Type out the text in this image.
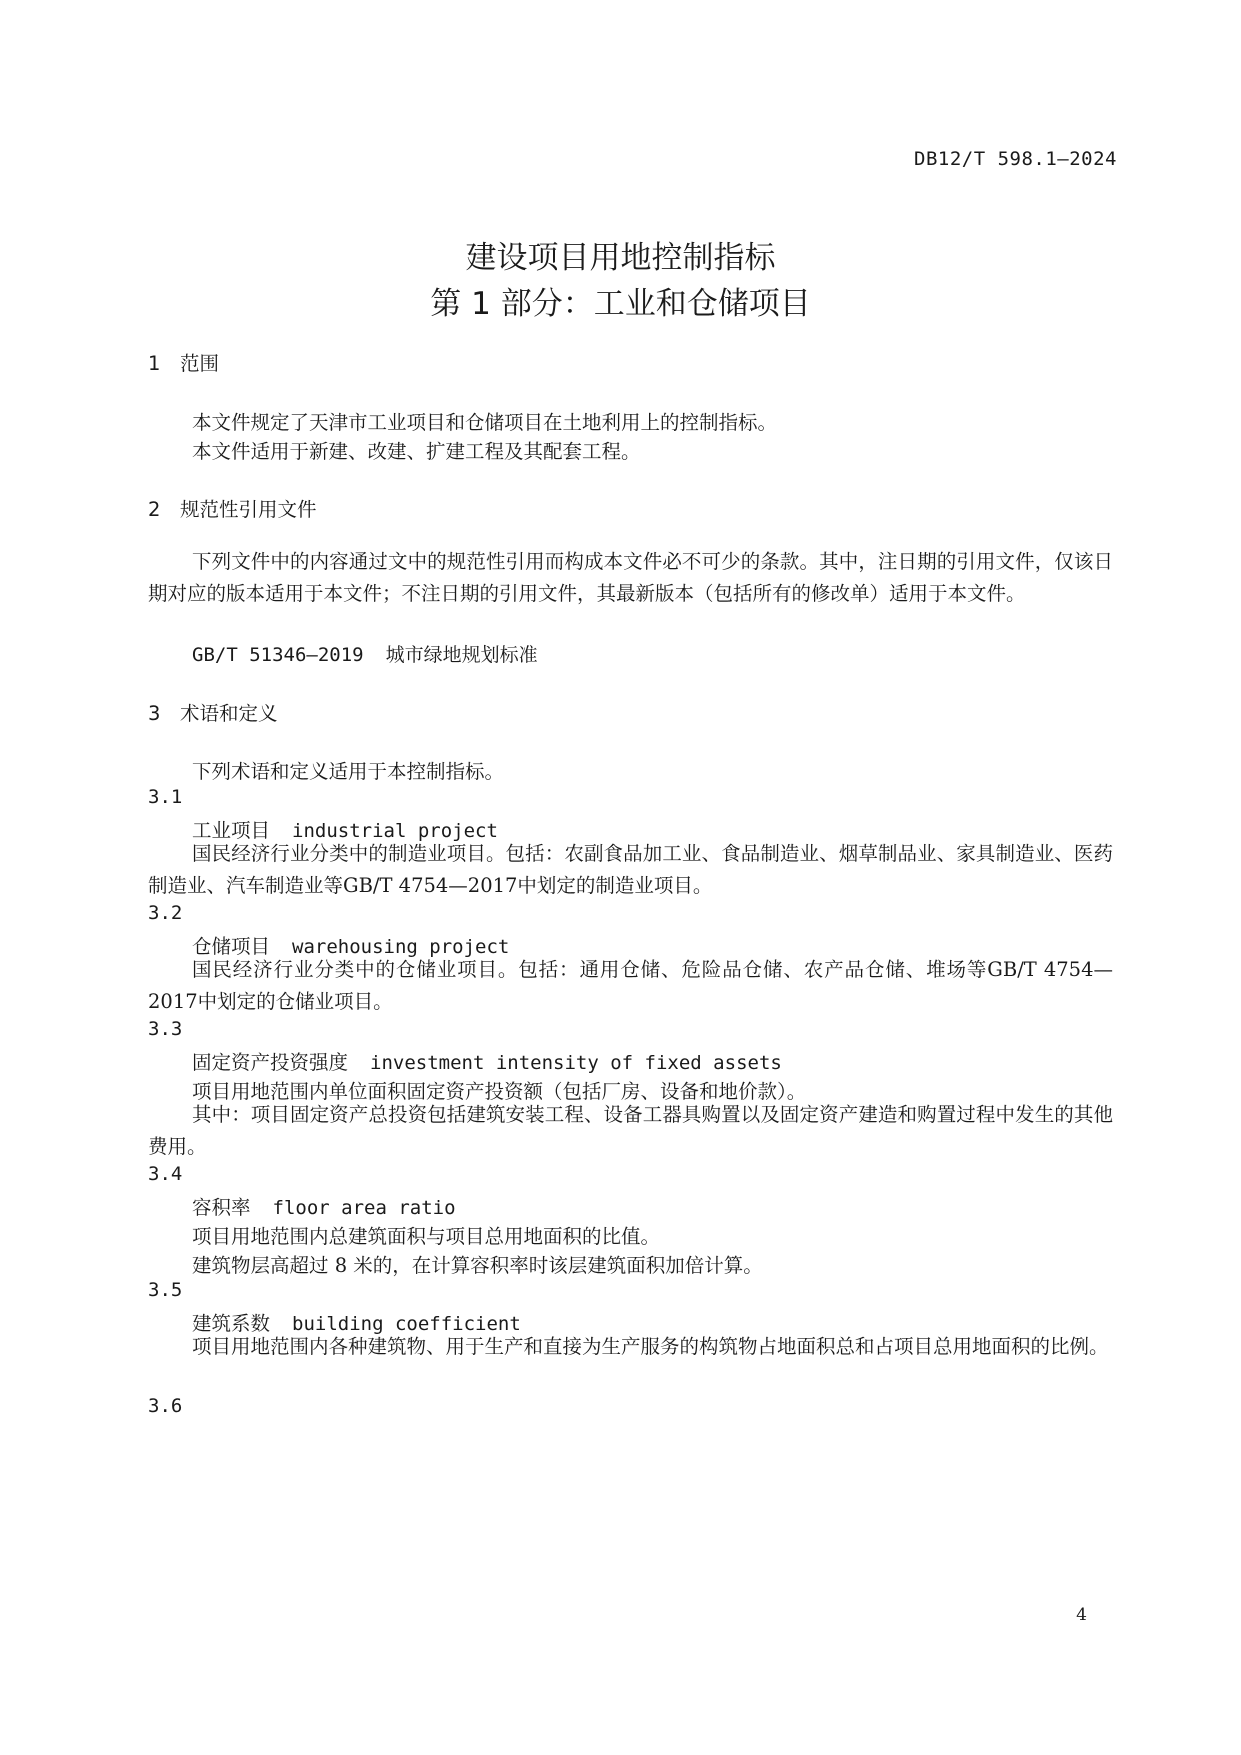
DB12/T 598.1—2024
建设项目用地控制指标
第 1 部分：工业和仓储项目
1 范围
本文件规定了天津市工业项目和仓储项目在土地利用上的控制指标。
本文件适用于新建、改建、扩建工程及其配套工程。
2 规范性引用文件
下列文件中的内容通过文中的规范性引用而构成本文件必不可少的条款。其中，注日期的引用文件，仅该日期对应的版本适用于本文件；不注日期的引用文件，其最新版本（包括所有的修改单）适用于本文件。
GB/T 51346—2019 城市绿地规划标准
3 术语和定义
下列术语和定义适用于本控制指标。
3.1
工业项目 industrial project
国民经济行业分类中的制造业项目。包括：农副食品加工业、食品制造业、烟草制品业、家具制造业、医药制造业、汽车制造业等GB/T 4754—2017中划定的制造业项目。
3.2
仓储项目 warehousing project
国民经济行业分类中的仓储业项目。包括：通用仓储、危险品仓储、农产品仓储、堆场等GB/T 4754—2017中划定的仓储业项目。
3.3
固定资产投资强度 investment intensity of fixed assets
项目用地范围内单位面积固定资产投资额（包括厂房、设备和地价款）。
其中：项目固定资产总投资包括建筑安装工程、设备工器具购置以及固定资产建造和购置过程中发生的其他费用。
3.4
容积率 floor area ratio
项目用地范围内总建筑面积与项目总用地面积的比值。
建筑物层高超过 8 米的，在计算容积率时该层建筑面积加倍计算。
3.5
建筑系数 building coefficient
项目用地范围内各种建筑物、用于生产和直接为生产服务的构筑物占地面积总和占项目总用地面积的比例。
3.6
4
